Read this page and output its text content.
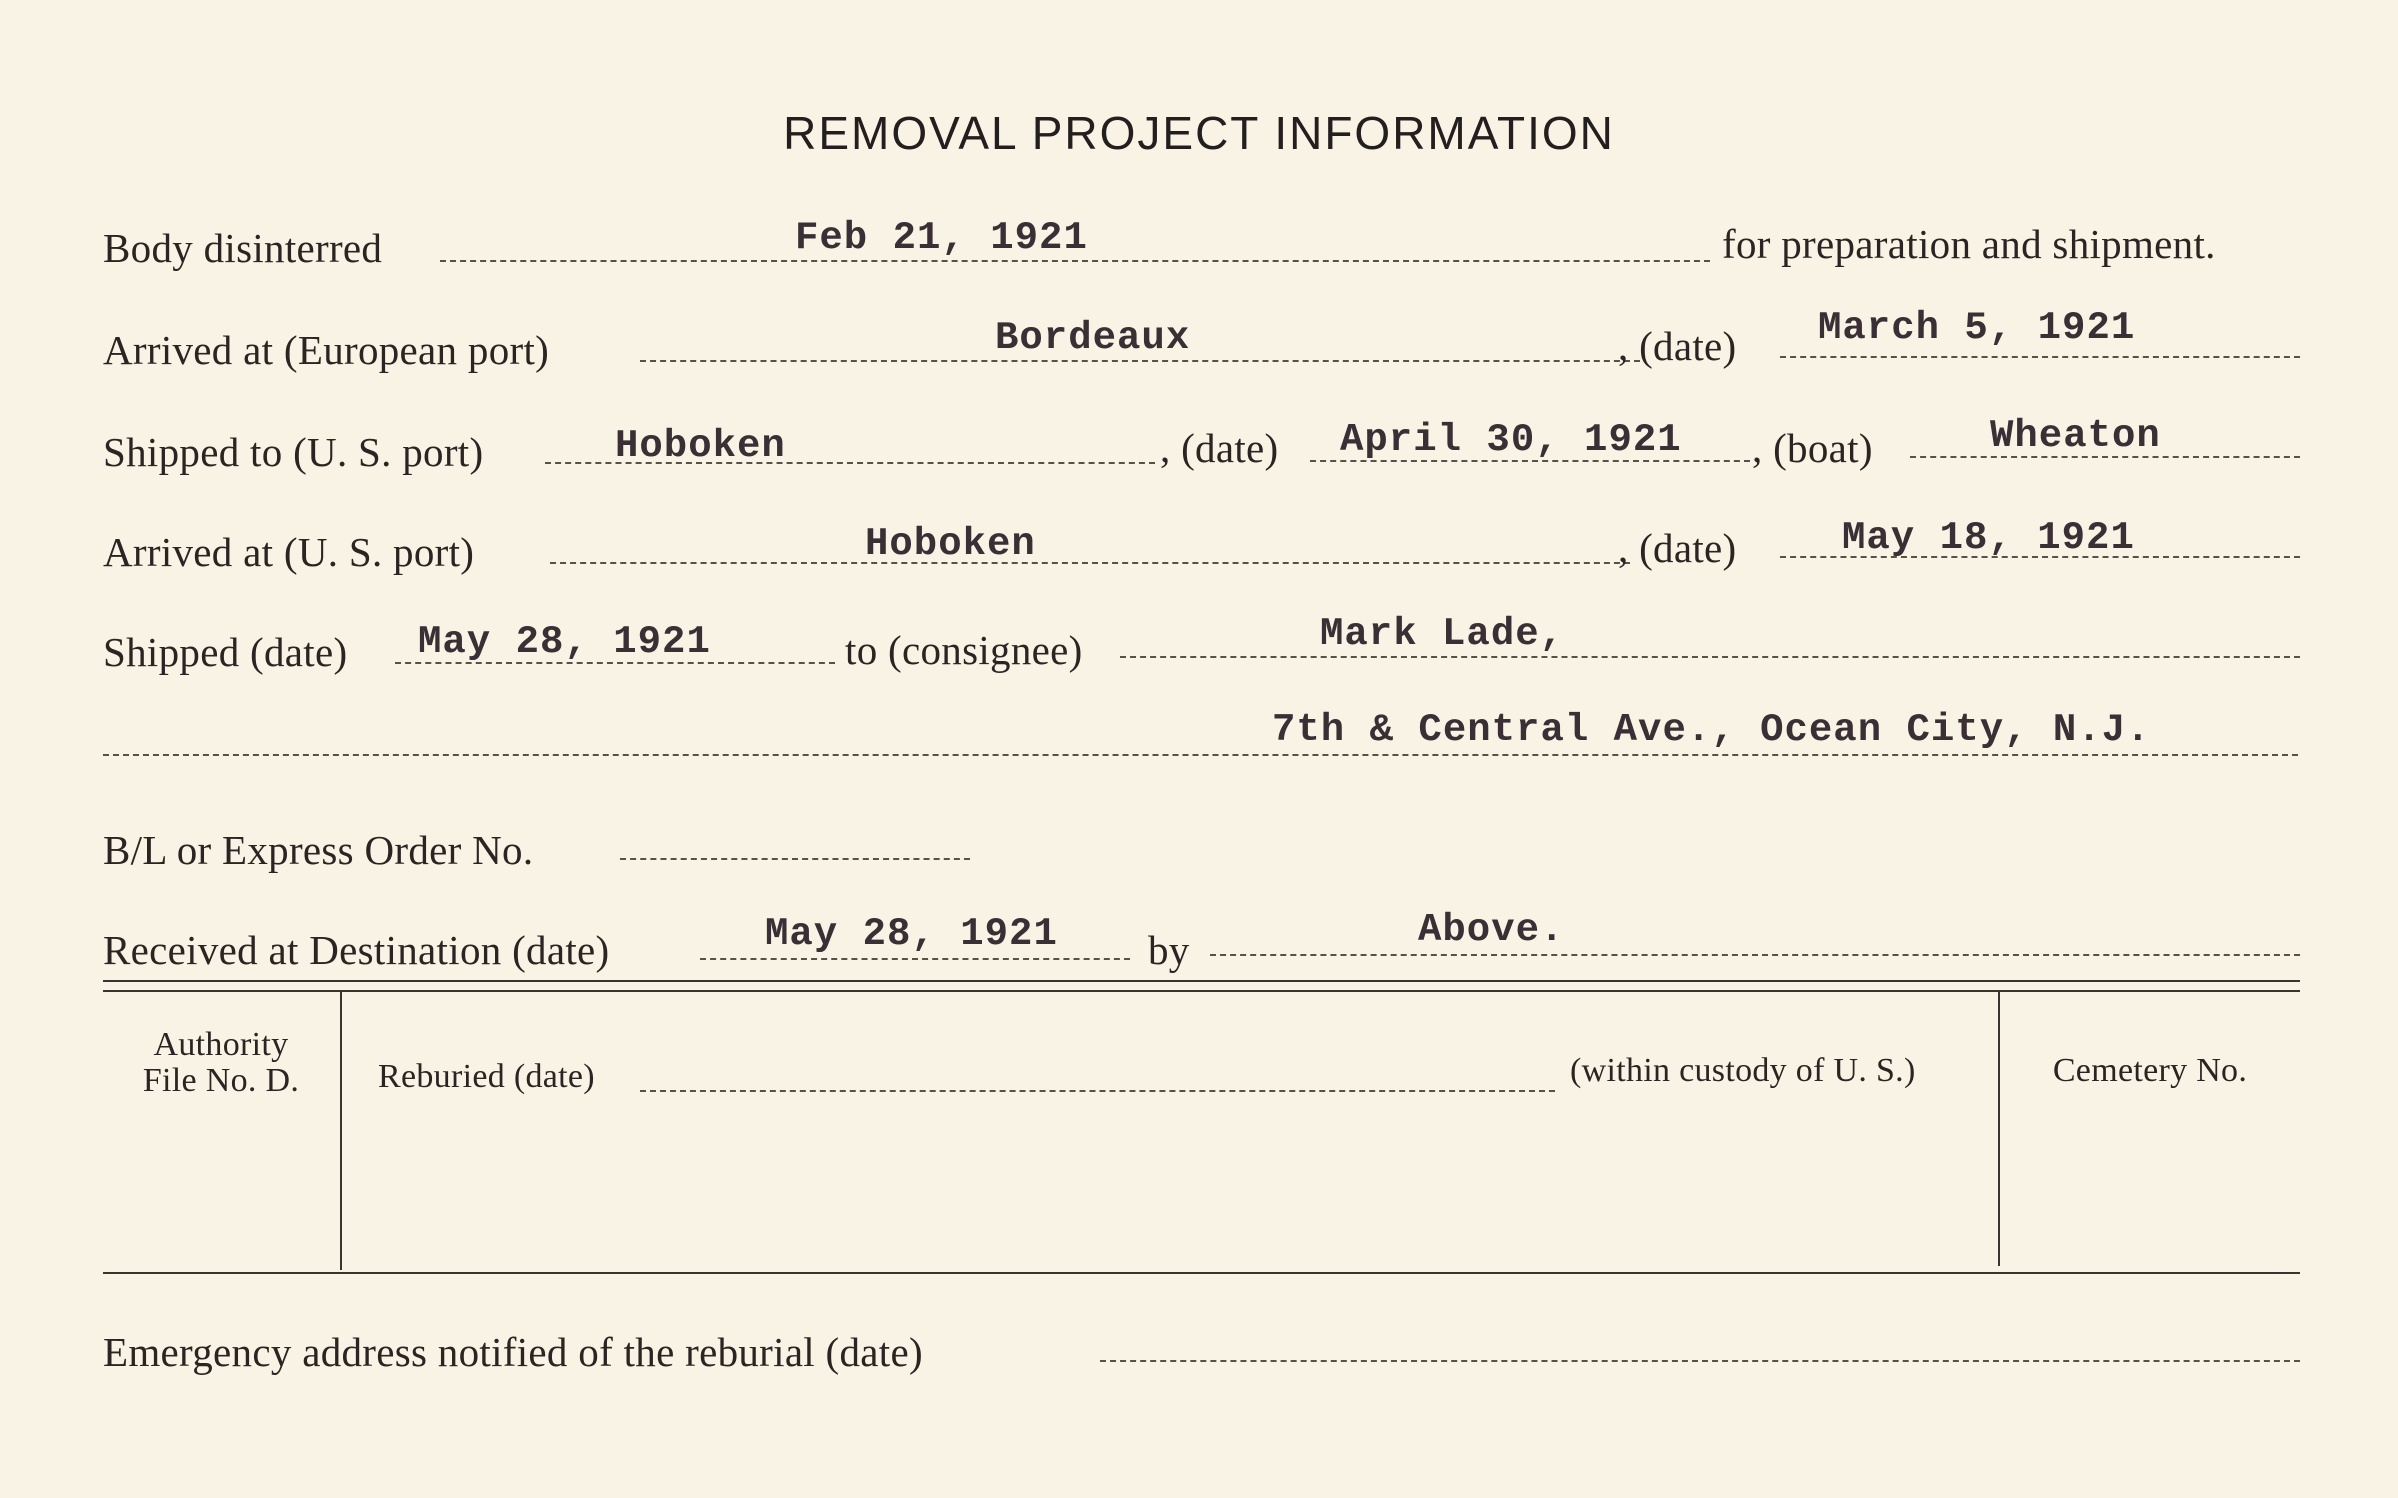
REMOVAL PROJECT INFORMATION
Body disinterred	Feb 21, 1921	for preparation and shipment.
Arrived at (European port)	Bordeaux	, (date) March 5, 1921
Shipped to (U. S. port)	Hoboken	, (date) April 30, 1921 , (boat)	Wheaton
Arrived at (U. S. port)	Hoboken	, (date)	May 18, 1921
Shipped (date) May 28, 1921	to (consignee)	Mark Lade,
7th & Central Ave., Ocean City, N.J.
B/L or Express Order No.
Received at Destination (date)	May 28, 1921 by	Above.
Authority
File No. D.	Reburied (date)	(within custody of U. S.)	Cemetery No.
Emergency address notified of the reburial (date)
